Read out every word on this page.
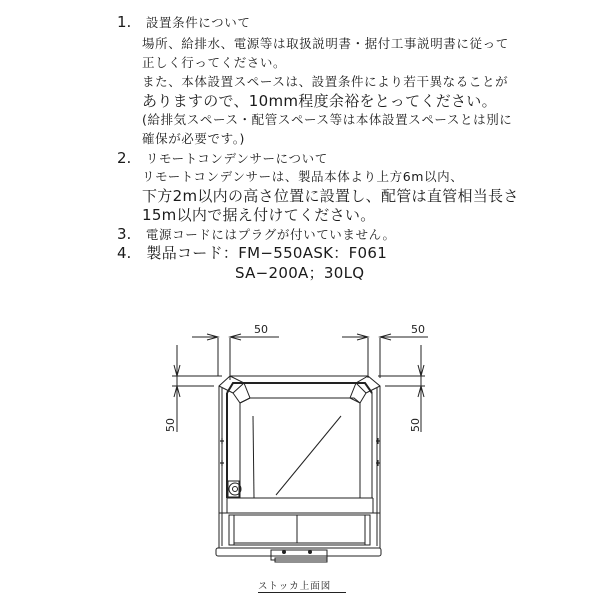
1. 設置条件について
場所、給排水、電源等は取扱説明書・据付工事説明書に従って
正しく行ってください。
また、本体設置スペースは、設置条件により若干異なることが
ありますので、10mm程度余裕をとってください。
(給排気スペース・配管スペース等は本体設置スペースとは別に
確保が必要です。)
2. リモートコンデンサーについて
リモートコンデンサーは、製品本体より上方6m以内、
下方2m以内の高さ位置に設置し、配管は直管相当長さ
15m以内で据え付けてください。
3. 電源コードにはプラグが付いていません。
4. 製品コード：FM−550ASK：F061
SA−200A；30LQ
50	50
50	50
ストッカ上面図
